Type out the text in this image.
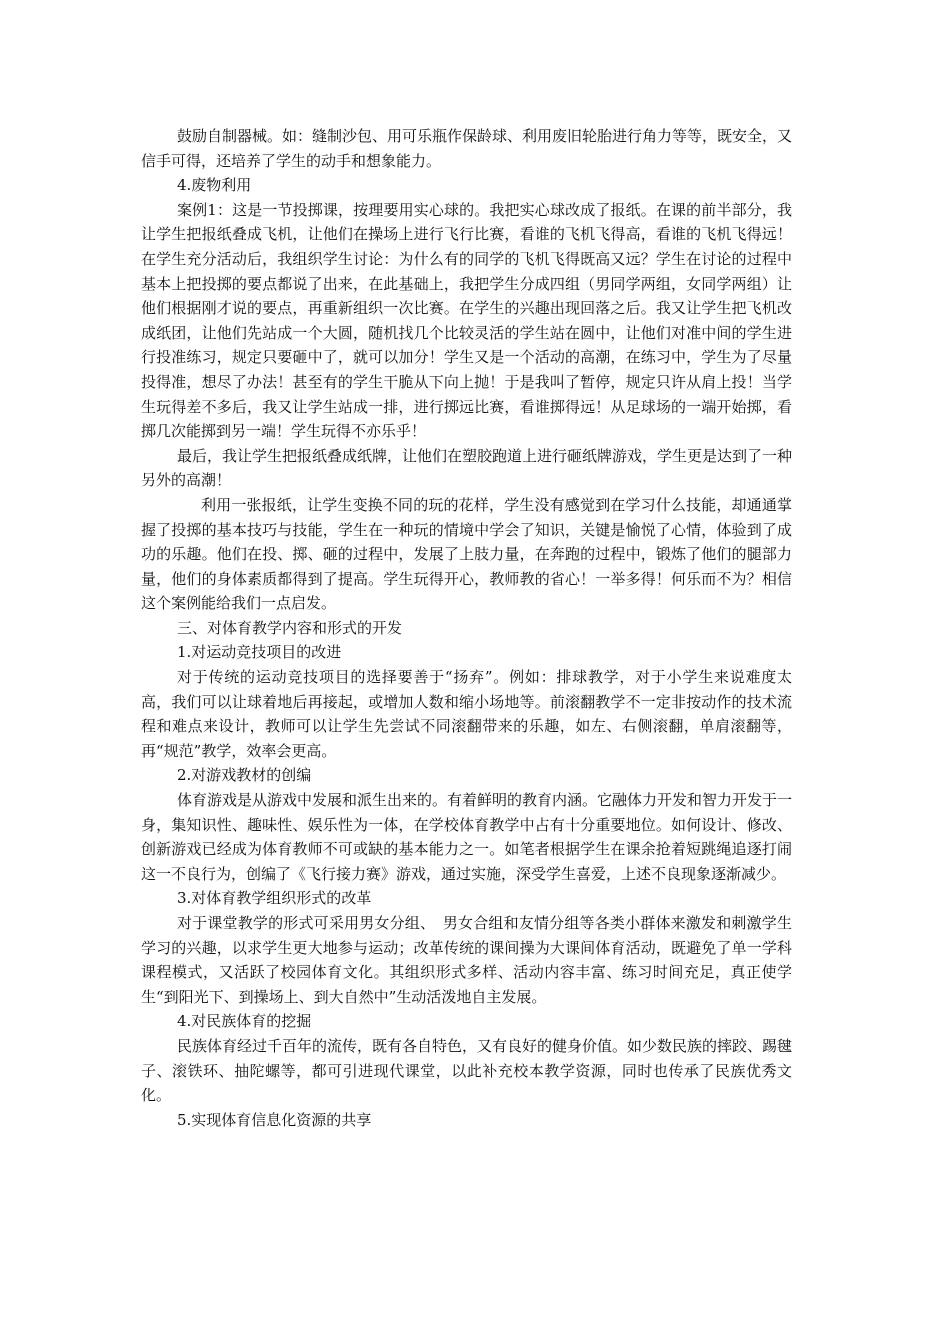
鼓励自制器械。如：缝制沙包、用可乐瓶作保龄球、利用废旧轮胎进行角力等等，既安全，又信手可得，还培养了学生的动手和想象能力。

4.废物利用

案例1：这是一节投掷课，按理要用实心球的。我把实心球改成了报纸。在课的前半部分，我让学生把报纸叠成飞机，让他们在操场上进行飞行比赛，看谁的飞机飞得高，看谁的飞机飞得远！在学生充分活动后，我组织学生讨论：为什么有的同学的飞机飞得既高又远？学生在讨论的过程中基本上把投掷的要点都说了出来，在此基础上，我把学生分成四组（男同学两组，女同学两组）让他们根据刚才说的要点，再重新组织一次比赛。在学生的兴趣出现回落之后。我又让学生把飞机改成纸团，让他们先站成一个大圆，随机找几个比较灵活的学生站在圆中，让他们对准中间的学生进行投准练习，规定只要砸中了，就可以加分！学生又是一个活动的高潮，在练习中，学生为了尽量投得准，想尽了办法！甚至有的学生干脆从下向上抛！于是我叫了暂停，规定只许从肩上投！当学生玩得差不多后，我又让学生站成一排，进行掷远比赛，看谁掷得远！从足球场的一端开始掷，看掷几次能掷到另一端！学生玩得不亦乐乎！

最后，我让学生把报纸叠成纸牌，让他们在塑胶跑道上进行砸纸牌游戏，学生更是达到了一种另外的高潮！

利用一张报纸，让学生变换不同的玩的花样，学生没有感觉到在学习什么技能，却通通掌握了投掷的基本技巧与技能，学生在一种玩的情境中学会了知识，关键是愉悦了心情，体验到了成功的乐趣。他们在投、掷、砸的过程中，发展了上肢力量，在奔跑的过程中，锻炼了他们的腿部力量，他们的身体素质都得到了提高。学生玩得开心，教师教的省心！一举多得！何乐而不为？相信这个案例能给我们一点启发。

三、对体育教学内容和形式的开发

1.对运动竞技项目的改进

对于传统的运动竞技项目的选择要善于“扬弃”。例如：排球教学，对于小学生来说难度太高，我们可以让球着地后再接起，或增加人数和缩小场地等。前滚翻教学不一定非按动作的技术流程和难点来设计，教师可以让学生先尝试不同滚翻带来的乐趣，如左、右侧滚翻，单肩滚翻等，再“规范”教学，效率会更高。

2.对游戏教材的创编

体育游戏是从游戏中发展和派生出来的。有着鲜明的教育内涵。它融体力开发和智力开发于一身，集知识性、趣味性、娱乐性为一体，在学校体育教学中占有十分重要地位。如何设计、修改、创新游戏已经成为体育教师不可或缺的基本能力之一。如笔者根据学生在课余抢着短跳绳追逐打闹这一不良行为，创编了《飞行接力赛》游戏，通过实施，深受学生喜爱，上述不良现象逐渐减少。

3.对体育教学组织形式的改革

对于课堂教学的形式可采用男女分组、　男女合组和友情分组等各类小群体来激发和刺激学生学习的兴趣，以求学生更大地参与运动；改革传统的课间操为大课间体育活动，既避免了单一学科课程模式，又活跃了校园体育文化。其组织形式多样、活动内容丰富、练习时间充足，真正使学生“到阳光下、到操场上、到大自然中”生动活泼地自主发展。

4.对民族体育的挖掘

民族体育经过千百年的流传，既有各自特色，又有良好的健身价值。如少数民族的摔跤、踢毽子、滚铁环、抽陀螺等，都可引进现代课堂，以此补充校本教学资源，同时也传承了民族优秀文化。

5.实现体育信息化资源的共享
